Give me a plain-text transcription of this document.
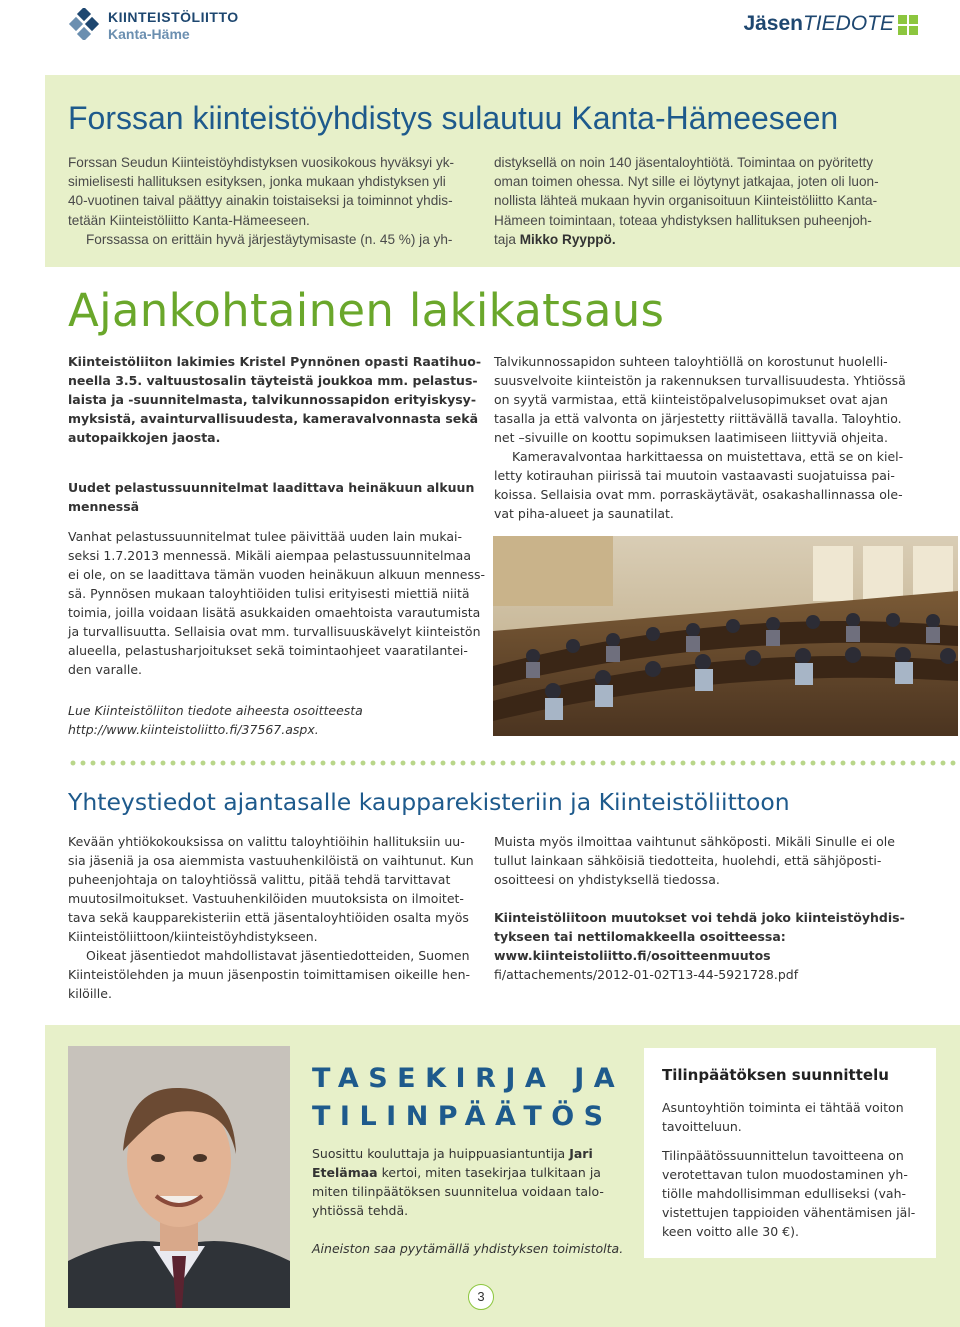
KIINTEISTÖLIITTO
Kanta-Häme	JäsenTIEDOTE
Forssan kiinteistöyhdistys sulautuu Kanta-Hämeeseen
Forssan Seudun Kiinteistöyhdistyksen vuosikokous hyväksyi yk-
simielisesti hallituksen esityksen, jonka mukaan yhdistyksen yli
40-vuotinen taival päättyy ainakin toistaiseksi ja toiminnot yhdis-
tetään Kiinteistöliitto Kanta-Hämeeseen.
Forssassa on erittäin hyvä järjestäytymisaste (n. 45 %) ja yh-
distyksellä on noin 140 jäsentaloyhtiötä. Toimintaa on pyöritetty
oman toimen ohessa. Nyt sille ei löytynyt jatkajaa, joten oli luon-
nollista lähteä mukaan hyvin organisoituun Kiinteistöliitto Kanta-
Hämeen toimintaan, toteaa yhdistyksen hallituksen puheenjoh-
taja Mikko Ryyppö.
Ajankohtainen lakikatsaus
Kiinteistöliiton lakimies Kristel Pynnönen opasti Raatihuo-
neella 3.5. valtuustosalin täyteistä joukkoa mm. pelastus-
laista ja -suunnitelmasta, talvikunnossapidon erityiskysy-
myksistä, avainturvallisuudesta, kameravalvonnasta sekä
autopaikkojen jaosta.
Uudet pelastussuunnitelmat laadittava heinäkuun alkuun
mennessä
Vanhat pelastussuunnitelmat tulee päivittää uuden lain mukai-
seksi 1.7.2013 mennessä. Mikäli aiempaa pelastussuunnitelmaa
ei ole, on se laadittava tämän vuoden heinäkuun alkuun menness-
sä. Pynnösen mukaan taloyhtiöiden tulisi erityisesti miettiä niitä
toimia, joilla voidaan lisätä asukkaiden omaehtoista varautumista
ja turvallisuutta. Sellaisia ovat mm. turvallisuuskävelyt kiinteistön
alueella, pelastusharjoitukset sekä toimintaohjeet vaaratilantei-
den varalle.
Lue Kiinteistöliiton tiedote aiheesta osoitteesta
http://www.kiinteistoliitto.fi/37567.aspx.
Talvikunnossapidon suhteen taloyhtiöllä on korostunut huolelli-
suusvelvoite kiinteistön ja rakennuksen turvallisuudesta. Yhtiössä
on syytä varmistaa, että kiinteistöpalvelusopimukset ovat ajan
tasalla ja että valvonta on järjestetty riittävällä tavalla. Taloyhtio.
net –sivuille on koottu sopimuksen laatimiseen liittyviä ohjeita.
Kameravalvontaa harkittaessa on muistettava, että se on kiel-
letty kotirauhan piirissä tai muutoin vastaavasti suojatuissa pai-
koissa. Sellaisia ovat mm. porraskäytävät, osakashallinnassa ole-
vat piha-alueet ja saunatilat.
Yhteystiedot ajantasalle kaupparekisteriin ja Kiinteistöliittoon
Kevään yhtiökokouksissa on valittu taloyhtiöihin hallituksiin uu-
sia jäseniä ja osa aiemmista vastuuhenkilöistä on vaihtunut. Kun
puheenjohtaja on taloyhtiössä valittu, pitää tehdä tarvittavat
muutosilmoitukset. Vastuuhenkilöiden muutoksista on ilmoitet-
tava sekä kaupparekisteriin että jäsentaloyhtiöiden osalta myös
Kiinteistöliittoon/kiinteistöyhdistykseen.
Oikeat jäsentiedot mahdollistavat jäsentiedotteiden, Suomen
Kiinteistölehden ja muun jäsenpostin toimittamisen oikeille hen-
kilöille.
Muista myös ilmoittaa vaihtunut sähköposti. Mikäli Sinulle ei ole
tullut lainkaan sähköisiä tiedotteita, huolehdi, että sähjöposti-
osoitteesi on yhdistyksellä tiedossa.
Kiinteistöliitoon muutokset voi tehdä joko kiinteistöyhdis-
tykseen tai nettilomakkeella osoitteessa:
www.kiinteistoliitto.fi/osoitteenmuutos
fi/attachements/2012-01-02T13-44-5921728.pdf
TASEKIRJA JA
TILINPÄÄTÖS
Suosittu kouluttaja ja huippuasiantuntija Jari
Etelämaa kertoi, miten tasekirjaa tulkitaan ja
miten tilinpäätöksen suunnitelua voidaan talo-
yhtiössä tehdä.
Aineiston saa pyytämällä yhdistyksen toimistolta.
Tilinpäätöksen suunnittelu
Asuntoyhtiön toiminta ei tähtää voiton
tavoitteluun.
Tilinpäätössuunnittelun tavoitteena on
verotettavan tulon muodostaminen yh-
tiölle mahdollisimman edulliseksi (vah-
vistettujen tappioiden vähentämisen jäl-
keen voitto alle 30 €).
3
